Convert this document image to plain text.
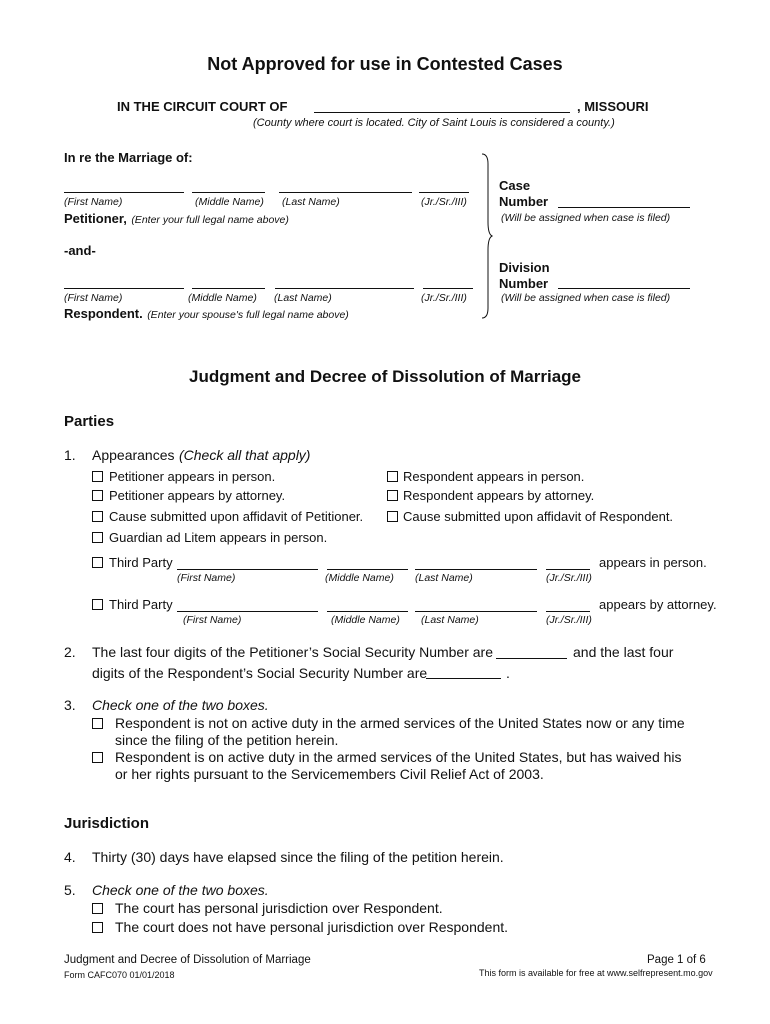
Not Approved for use in Contested Cases
IN THE CIRCUIT COURT OF	, MISSOURI
(County where court is located. City of Saint Louis is considered a county.)
In re the Marriage of:
(First Name)	(Middle Name) (Last Name)	(Jr./Sr./III)
Petitioner, (Enter your full legal name above)
-and-
(First Name)	(Middle Name) (Last Name)	(Jr./Sr./III)
Respondent. (Enter your spouse's full legal name above)
Case
Number
(Will be assigned when case is filed)
Division
Number
(Will be assigned when case is filed)
Judgment and Decree of Dissolution of Marriage
Parties
1. Appearances (Check all that apply)
Petitioner appears in person.	Respondent appears in person.
Petitioner appears by attorney.	Respondent appears by attorney.
Cause submitted upon affidavit of Petitioner.	Cause submitted upon affidavit of Respondent.
Guardian ad Litem appears in person.
Third Party	appears in person.
(First Name)	(Middle Name) (Last Name)	(Jr./Sr./III)
Third Party	appears by attorney.
(First Name)	(Middle Name) (Last Name)	(Jr./Sr./III)
2. The last four digits of the Petitioner’s Social Security Number are	and the last four
digits of the Respondent’s Social Security Number are	.
3. Check one of the two boxes.
Respondent is not on active duty in the armed services of the United States now or any time
since the filing of the petition herein.
Respondent is on active duty in the armed services of the United States, but has waived his
or her rights pursuant to the Servicemembers Civil Relief Act of 2003.
Jurisdiction
4. Thirty (30) days have elapsed since the filing of the petition herein.
5. Check one of the two boxes.
The court has personal jurisdiction over Respondent.
The court does not have personal jurisdiction over Respondent.
Judgment and Decree of Dissolution of Marriage
Form CAFC070 01/01/2018
Page 1 of 6
This form is available for free at www.selfrepresent.mo.gov
